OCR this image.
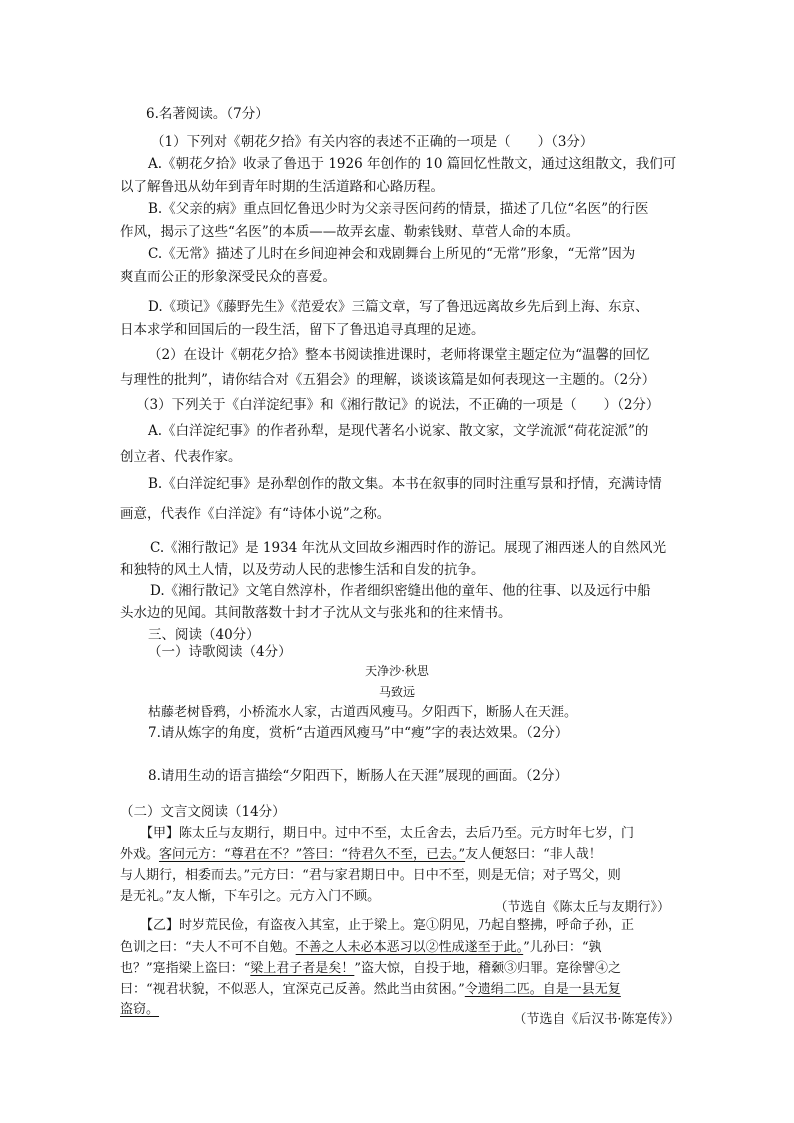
6.名著阅读。（7分）

（1）下列对《朝花夕拾》有关内容的表述不正确的一项是（　　）（3分）

A.《朝花夕拾》收录了鲁迅于 1926 年创作的 10 篇回忆性散文，通过这组散文，我们可

以了解鲁迅从幼年到青年时期的生活道路和心路历程。

B.《父亲的病》重点回忆鲁迅少时为父亲寻医问药的情景，描述了几位“名医”的行医

作风，揭示了这些“名医”的本质——故弄玄虚、勒索钱财、草菅人命的本质。

C.《无常》描述了儿时在乡间迎神会和戏剧舞台上所见的“无常”形象，“无常”因为

爽直而公正的形象深受民众的喜爱。

D.《琐记》《藤野先生》《范爱农》三篇文章，写了鲁迅远离故乡先后到上海、东京、

日本求学和回国后的一段生活，留下了鲁迅追寻真理的足迹。

（2）在设计《朝花夕拾》整本书阅读推进课时，老师将课堂主题定位为“温馨的回忆

与理性的批判”，请你结合对《五猖会》的理解，谈谈该篇是如何表现这一主题的。（2分）

（3）下列关于《白洋淀纪事》和《湘行散记》的说法，不正确的一项是（　　）（2分）

A.《白洋淀纪事》的作者孙犁，是现代著名小说家、散文家，文学流派“荷花淀派”的

创立者、代表作家。

B.《白洋淀纪事》是孙犁创作的散文集。本书在叙事的同时注重写景和抒情，充满诗情

画意，代表作《白洋淀》有“诗体小说”之称。

C.《湘行散记》是 1934 年沈从文回故乡湘西时作的游记。展现了湘西迷人的自然风光

和独特的风土人情，以及劳动人民的悲惨生活和自发的抗争。

D.《湘行散记》文笔自然淳朴，作者细织密缝出他的童年、他的往事、以及远行中船

头水边的见闻。其间散落数十封才子沈从文与张兆和的往来情书。

三、阅读（40分）

（一）诗歌阅读（4分）

天净沙·秋思

马致远

枯藤老树昏鸦，小桥流水人家，古道西风瘦马。夕阳西下，断肠人在天涯。

7.请从炼字的角度，赏析“古道西风瘦马”中“瘦”字的表达效果。（2分）

8.请用生动的语言描绘“夕阳西下，断肠人在天涯”展现的画面。（2分）

（二）文言文阅读（14分）

【甲】陈太丘与友期行，期日中。过中不至，太丘舍去，去后乃至。元方时年七岁，门

外戏。客问元方：“尊君在不？”答曰：“待君久不至，已去。”友人便怒曰：“非人哉！

与人期行，相委而去。”元方曰：“君与家君期日中。日中不至，则是无信；对子骂父，则

是无礼。”友人惭，下车引之。元方入门不顾。

（节选自《陈太丘与友期行》）

【乙】时岁荒民俭，有盗夜入其室，止于梁上。寔①阴见，乃起自整拂，呼命子孙，正

色训之曰：“夫人不可不自勉。不善之人未必本恶习以②性成遂至于此。”儿孙曰：“孰

也？”寔指梁上盗曰：“梁上君子者是矣！”盗大惊，自投于地，稽颡③归罪。寔徐譬④之

曰：“视君状貌，不似恶人，宜深克己反善。然此当由贫困。”令遗绢二匹。自是一县无复

盗窃。

（节选自《后汉书·陈寔传》）
